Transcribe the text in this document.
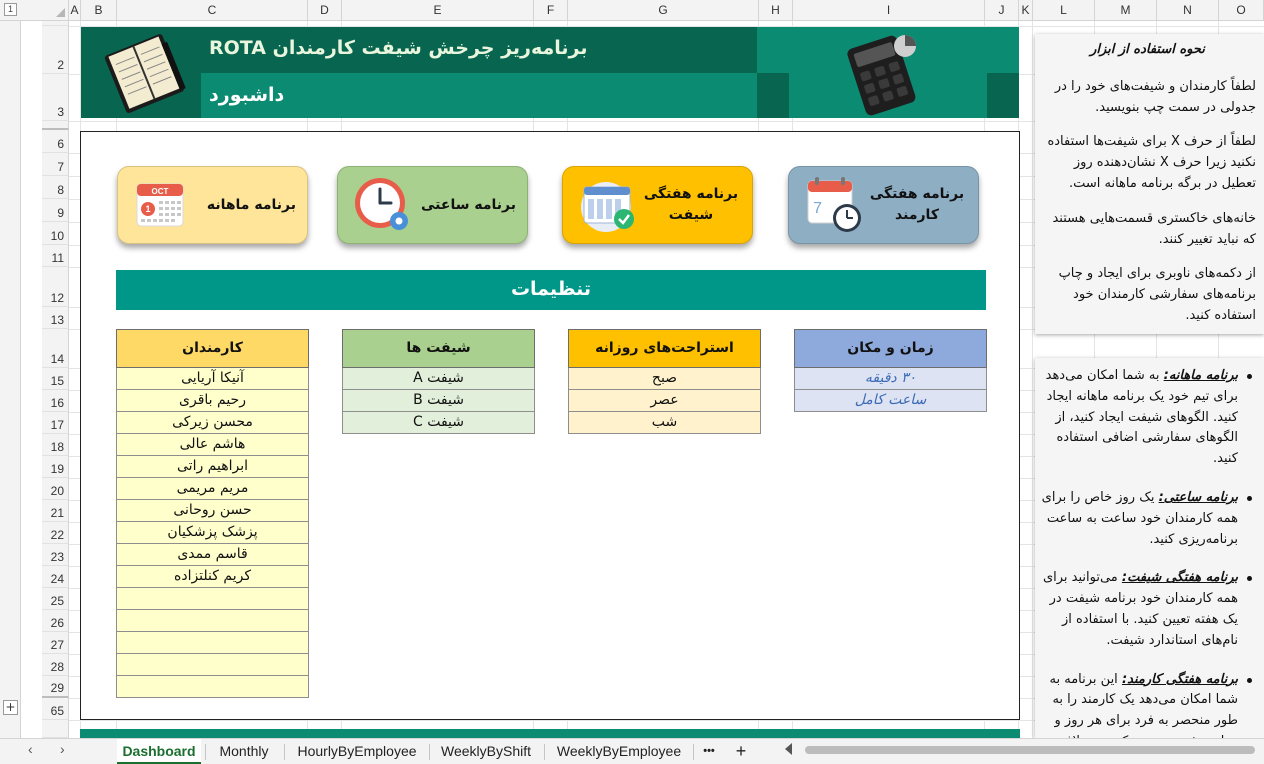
1	A	B	C	D	E	F	G	H	I	J	K	L	M	N	O
2
3
6
7
8
9
10
11
12
13
14
15
16
17
18
19
20
21
22
23
24
25
26
27
28
29
65
+
برنامه‌ریز چرخش شیفت کارمندان ROTA
داشبورد
برنامه ماهانه
OCT
1	برنامه ساعتی
برنامه هفتگی شیفت
برنامه هفتگی کارمند
7
تنظیمات
کارمندان
آنیکا آریایی
رحیم باقری
محسن زیرکی
هاشم عالی
ابراهیم راتی
مریم مریمی
حسن روحانی
پزشک پزشکیان
قاسم ممدی
کریم کنلتزاده
شیفت ها
شیفت A
شیفت B
شیفت C
استراحت‌های روزانه
صبح
عصر
شب
زمان و مکان
۳۰ دقیقه
ساعت کامل
نحوه استفاده از ابزار

لطفاً کارمندان و شیفت‌های خود را در جدولی در سمت چپ بنویسید.

لطفاً از حرف X برای شیفت‌ها استفاده نکنید زیرا حرف X نشان‌دهنده روز تعطیل در برگه برنامه ماهانه است.

خانه‌های خاکستری قسمت‌هایی هستند که نباید تغییر کنند.

از دکمه‌های ناوبری برای ایجاد و چاپ برنامه‌های سفارشی کارمندان خود استفاده کنید.

برنامه ماهانه: به شما امکان می‌دهد برای تیم خود یک برنامه ماهانه ایجاد کنید. الگوهای شیفت ایجاد کنید، از الگوهای سفارشی اضافی استفاده کنید.
برنامه ساعتی: یک روز خاص را برای همه کارمندان خود ساعت به ساعت برنامه‌ریزی کنید.
برنامه هفتگی شیفت: می‌توانید برای همه کارمندان خود برنامه شیفت در یک هفته تعیین کنید. با استفاده از نام‌های استاندارد شیفت.
برنامه هفتگی کارمند: این برنامه به شما امکان می‌دهد یک کارمند را به طور منحصر به فرد برای هر روز و
‹ ›	Dashboard	Monthly	HourlyByEmployee	WeeklyByShift	WeeklyByEmployee	•••	+
